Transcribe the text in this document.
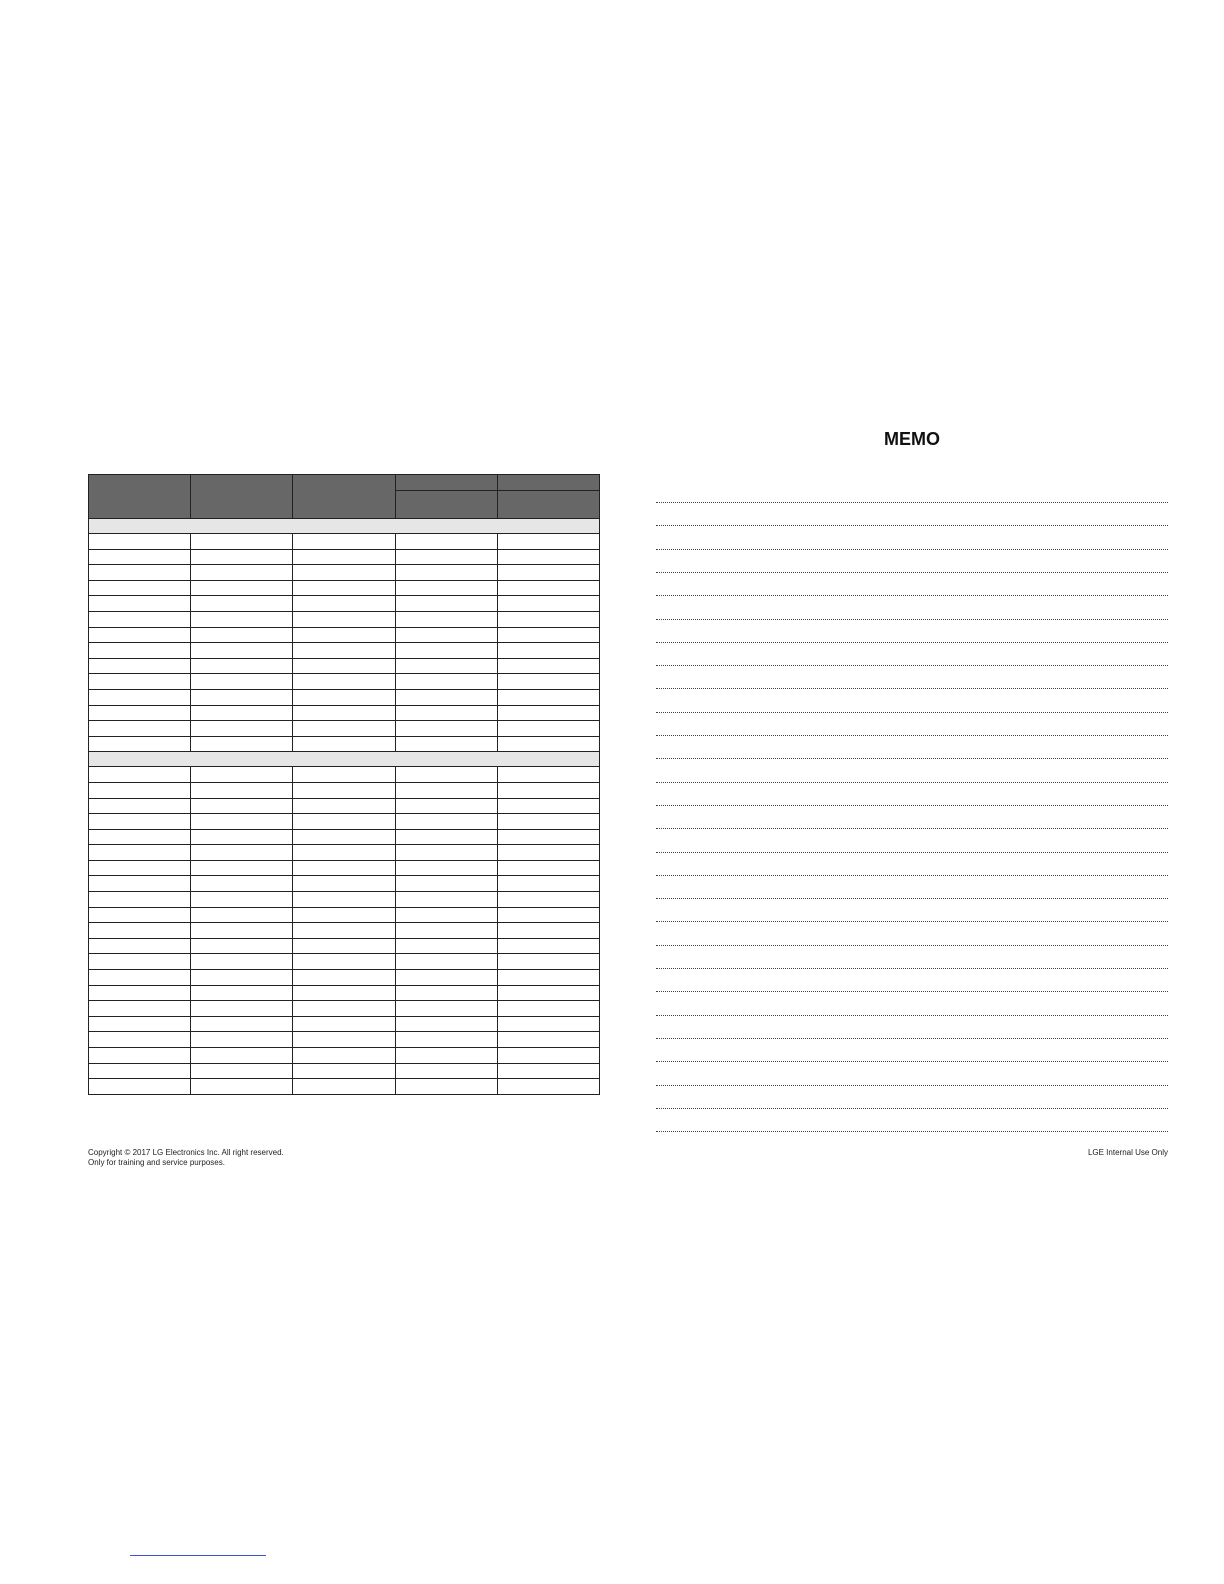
Copyright © 2017 LG Electronics Inc. All right reserved.
Only for training and service purposes.
MEMO
LGE Internal Use Only
